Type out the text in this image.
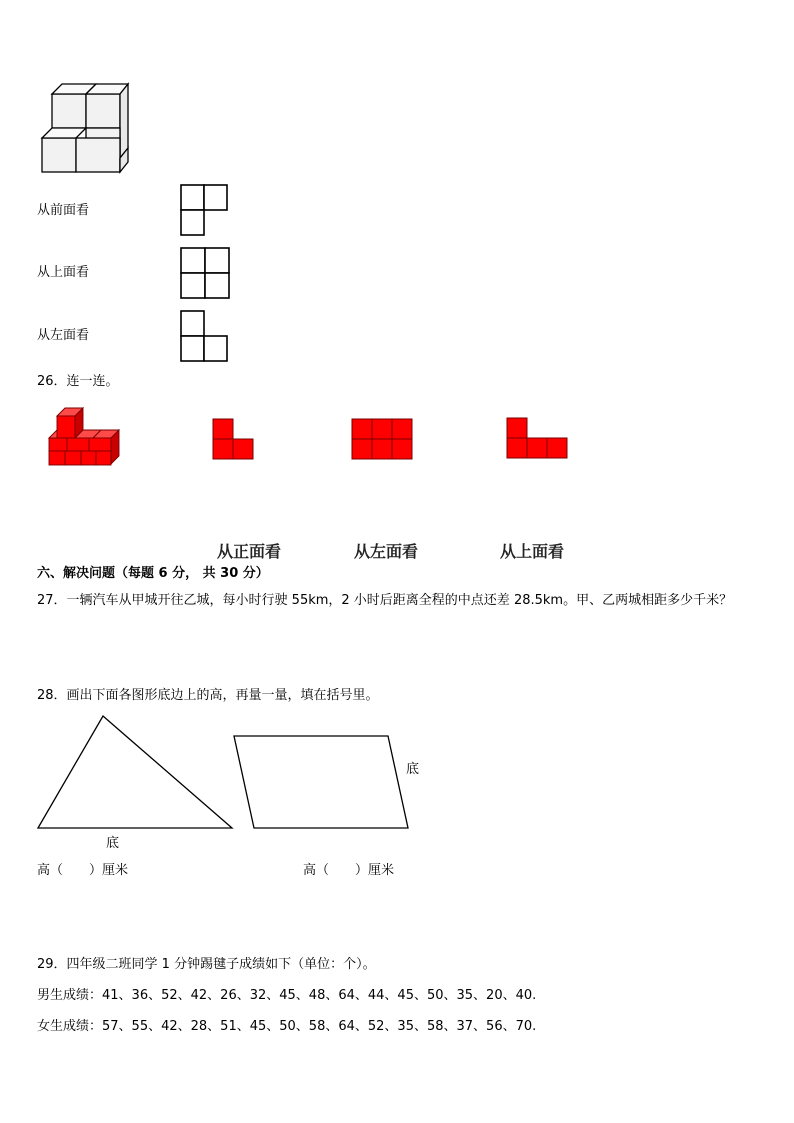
从前面看
从上面看
从左面看
26．连一连。
从正面看	从左面看	从上面看
六、解决问题（每题 6 分， 共 30 分）
27．一辆汽车从甲城开往乙城，每小时行驶 55km，2 小时后距离全程的中点还差 28.5km。甲、乙两城相距多少千米？
28．画出下面各图形底边上的高，再量一量，填在括号里。
底
底
高（　　）厘米	高（　　）厘米
29．四年级二班同学 1 分钟踢毽子成绩如下（单位：个）。
男生成绩：41、36、52、42、26、32、45、48、64、44、45、50、35、20、40.
女生成绩：57、55、42、28、51、45、50、58、64、52、35、58、37、56、70.
